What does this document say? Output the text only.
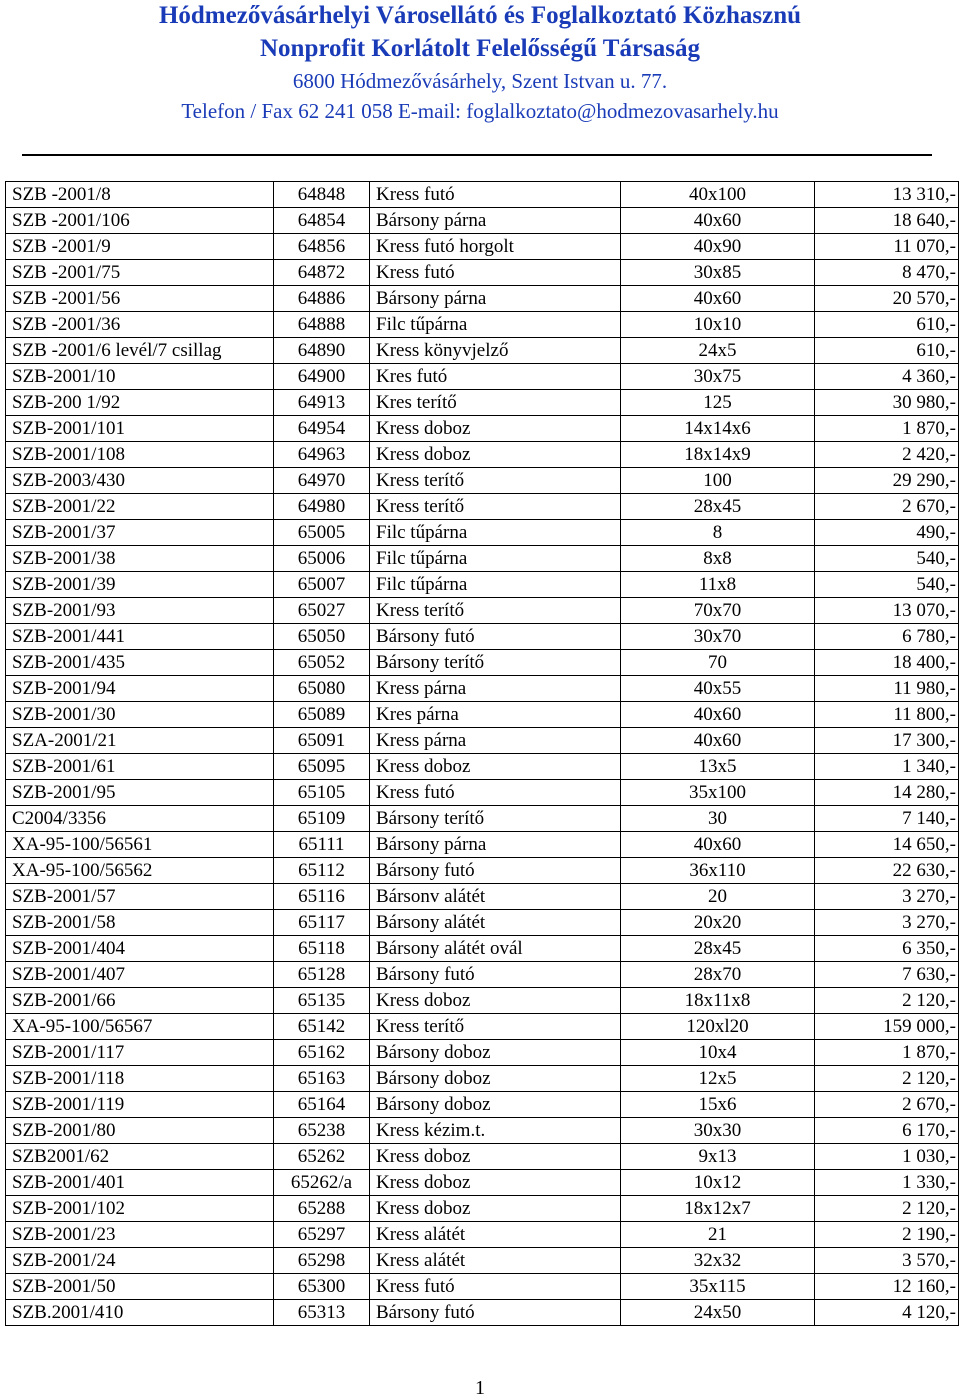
Hódmezővásárhelyi Városellátó és Foglalkoztató Közhasznú
Nonprofit Korlátolt Felelősségű Társaság
6800 Hódmezővásárhely, Szent Istvan u. 77.
Telefon / Fax 62 241 058 E-mail: foglalkoztato@hodmezovasarhely.hu
SZB -2001/8	64848	Kress futó	40x100	13 310,-
SZB -2001/106	64854	Bársony párna	40x60	18 640,-
SZB -2001/9	64856	Kress futó horgolt	40x90	11 070,-
SZB -2001/75	64872	Kress futó	30x85	8 470,-
SZB -2001/56	64886	Bársony párna	40x60	20 570,-
SZB -2001/36	64888	Filc tűpárna	10x10	610,-
SZB -2001/6 levél/7 csillag	64890	Kress könyvjelző	24x5	610,-
SZB-2001/10	64900	Kres futó	30x75	4 360,-
SZB-200 1/92	64913	Kres terítő	125	30 980,-
SZB-2001/101	64954	Kress doboz	14x14x6	1 870,-
SZB-2001/108	64963	Kress doboz	18x14x9	2 420,-
SZB-2003/430	64970	Kress terítő	100	29 290,-
SZB-2001/22	64980	Kress terítő	28x45	2 670,-
SZB-2001/37	65005	Filc tűpárna	8	490,-
SZB-2001/38	65006	Filc tűpárna	8x8	540,-
SZB-2001/39	65007	Filc tűpárna	11x8	540,-
SZB-2001/93	65027	Kress terítő	70x70	13 070,-
SZB-2001/441	65050	Bársony futó	30x70	6 780,-
SZB-2001/435	65052	Bársony terítő	70	18 400,-
SZB-2001/94	65080	Kress párna	40x55	11 980,-
SZB-2001/30	65089	Kres párna	40x60	11 800,-
SZA-2001/21	65091	Kress párna	40x60	17 300,-
SZB-2001/61	65095	Kress doboz	13x5	1 340,-
SZB-2001/95	65105	Kress futó	35x100	14 280,-
C2004/3356	65109	Bársony terítő	30	7 140,-
XA-95-100/56561	65111	Bársony párna	40x60	14 650,-
XA-95-100/56562	65112	Bársony futó	36x110	22 630,-
SZB-2001/57	65116	Bársonv alátét	20	3 270,-
SZB-2001/58	65117	Bársony alátét	20x20	3 270,-
SZB-2001/404	65118	Bársony alátét ovál	28x45	6 350,-
SZB-2001/407	65128	Bársony futó	28x70	7 630,-
SZB-2001/66	65135	Kress doboz	18x11x8	2 120,-
XA-95-100/56567	65142	Kress terítő	120xl20	159 000,-
SZB-2001/117	65162	Bársony doboz	10x4	1 870,-
SZB-2001/118	65163	Bársony doboz	12x5	2 120,-
SZB-2001/119	65164	Bársony doboz	15x6	2 670,-
SZB-2001/80	65238	Kress kézim.t.	30x30	6 170,-
SZB2001/62	65262	Kress doboz	9x13	1 030,-
SZB-2001/401	65262/a	Kress doboz	10x12	1 330,-
SZB-2001/102	65288	Kress doboz	18x12x7	2 120,-
SZB-2001/23	65297	Kress alátét	21	2 190,-
SZB-2001/24	65298	Kress alátét	32x32	3 570,-
SZB-2001/50	65300	Kress futó	35x115	12 160,-
SZB.2001/410	65313	Bársony futó	24x50	4 120,-
1
